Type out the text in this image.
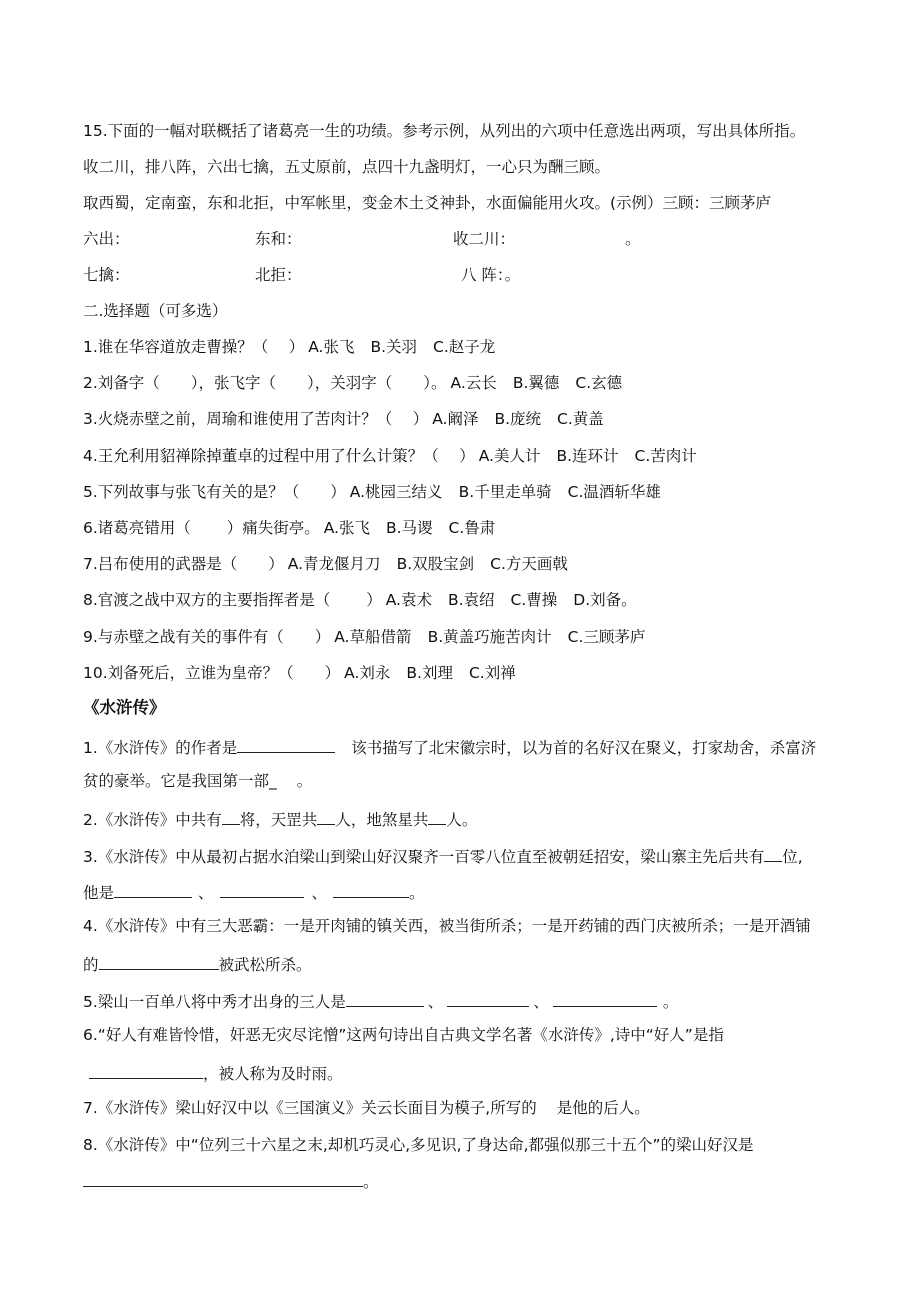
15.下面的一幅对联概括了诸葛亮一生的功绩。参考示例，从列出的六项中任意选出两项，写出具体所指。
收二川，排八阵，六出七擒，五丈原前，点四十九盏明灯，一心只为酬三顾。
取西蜀，定南蛮，东和北拒，中军帐里，变金木土爻神卦，水面偏能用火攻。(示例）三顾：三顾茅庐
六出：	东和：	收二川：	。
七擒：	北拒：	八 阵：。
二.选择题（可多选）
1.谁在华容道放走曹操？（　 ） A.张飞 B.关羽 C.赵子龙
2.刘备字（　　），张飞字（　　），关羽字（　　）。 A.云长 B.翼德 C.玄德
3.火烧赤壁之前，周瑜和谁使用了苦肉计？（　 ） A.阚泽 B.庞统 C.黄盖
4.王允利用貂禅除掉董卓的过程中用了什么计策？（　 ） A.美人计 B.连环计 C.苦肉计
5.下列故事与张飞有关的是？（　　） A.桃园三结义 B.千里走单骑 C.温酒斩华雄
6.诸葛亮错用（　　 ）痛失街亭。 A.张飞 B.马谡 C.鲁肃
7.吕布使用的武器是（　　） A.青龙偃月刀 B.双股宝剑 C.方天画戟
8.官渡之战中双方的主要指挥者是（　　 ） A.袁术 B.袁绍 C.曹操 D.刘备。
9.与赤壁之战有关的事件有（　　） A.草船借箭 B.黄盖巧施苦肉计 C.三顾茅庐
10.刘备死后，立谁为皇帝？（　　） A.刘永 B.刘理 C.刘禅
《水浒传》
1.《水浒传》的作者是	该书描写了北宋徽宗时，以为首的名好汉在聚义，打家劫舍，杀富济
贫的豪举。它是我国第一部_ 。
2.《水浒传》中共有 将，天罡共 人，地煞星共 人。
3.《水浒传》中从最初占据水泊梁山到梁山好汉聚齐一百零八位直至被朝廷招安，梁山寨主先后共有 位,
他是	、	、	。
4.《水浒传》中有三大恶霸：一是开肉铺的镇关西，被当街所杀；一是开药铺的西门庆被所杀；一是开酒铺
的	被武松所杀。
5.梁山一百单八将中秀才出身的三人是	、	、	。
6.“好人有难皆怜惜，奸恶无灾尽诧憎”这两句诗出自古典文学名著《水浒传》,诗中“好人”是指
，被人称为及时雨。
7.《水浒传》梁山好汉中以《三国演义》关云长面目为模子,所写的 是他的后人。
8.《水浒传》中“位列三十六星之末,却机巧灵心,多见识,了身达命,都强似那三十五个”的梁山好汉是
。
